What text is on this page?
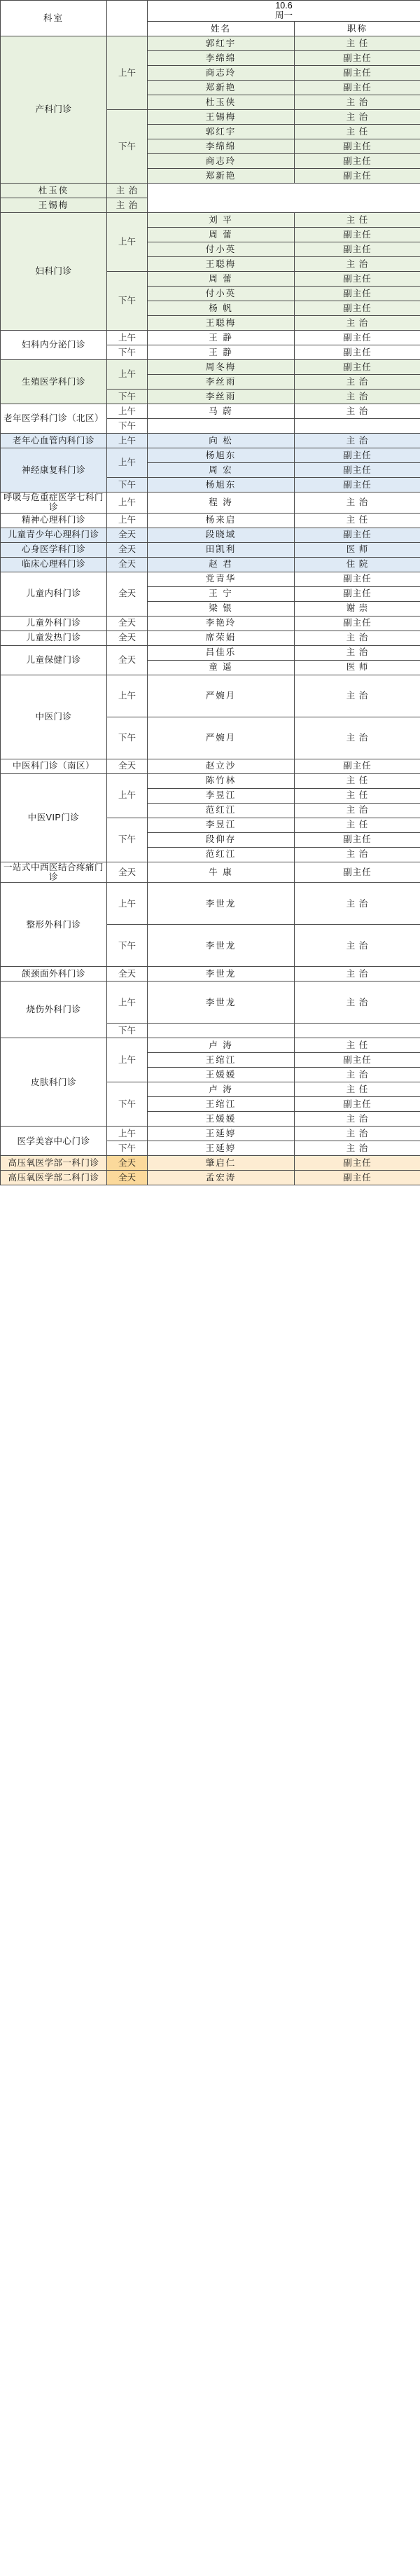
科室		10.6
周一	

		姓名	职称
产科门诊	上午	郭红宇	主 任
		李绵绵	副主任
		商志玲	副主任
		郑新艳	副主任
		杜玉侠	主 治
	下午	王锡梅	主 治
		郭红宇	主 任
		李绵绵	副主任
		商志玲	副主任
		郑新艳	副主任
杜玉侠	主 治		
王锡梅	主 治		
妇科门诊	上午	刘 平	主 任
		周 蕾	副主任
		付小英	副主任
		王聪梅	主 治
	下午	周 蕾	副主任
		付小英	副主任
		杨 帆	副主任
		王聪梅	主 治
妇科内分泌门诊	上午	王 静	副主任
	下午	王 静	副主任
生殖医学科门诊	上午	周冬梅	副主任
		李丝雨	主 治
	下午	李丝雨	主 治
老年医学科门诊（北区）	上午	马 蔚	主 治
	下午		
老年心血管内科门诊	上午	向 松	主 治
神经康复科门诊	上午	杨旭东	副主任
		周 宏	副主任
	下午	杨旭东	副主任
呼吸与危重症医学七科门诊	上午	程 涛	主 治
精神心理科门诊	上午	杨来启	主 任
儿童青少年心理科门诊	全天	段晓域	副主任
心身医学科门诊	全天	田凯利	医 师
临床心理科门诊	全天	赵 君	住 院
儿童内科门诊	全天	党青华	副主任
		王 宁	副主任
		梁 银	谢 崇
儿童外科门诊	全天	李艳玲	副主任
儿童发热门诊	全天	席荣娟	主 治
儿童保健门诊	全天	吕佳乐	主 治
		童 遥	医 师
中医门诊	上午	严婉月	主 治
	下午	严婉月	主 治
中医科门诊（南区）	全天	赵立沙	副主任
中医VIP门诊	上午	陈竹林	主 任
		李昱江	主 任
		范红江	主 治
	下午	李昱江	主 任
		段仰存	副主任
		范红江	主 治
一站式中西医结合疼痛门诊	全天	牛 康	副主任
整形外科门诊	上午	李世龙	主 治
	下午	李世龙	主 治
颌颈面外科门诊	全天	李世龙	主 治
烧伤外科门诊	上午	李世龙	主 治
	下午		
皮肤科门诊	上午	卢 涛	主 任
		王绾江	副主任
		王媛媛	主 治
	下午	卢 涛	主 任
		王绾江	副主任
		王媛媛	主 治
医学美容中心门诊	上午	王延婷	主 治
	下午	王延婷	主 治
高压氧医学部一科门诊	全天	肇启仁	副主任
高压氧医学部二科门诊	全天	孟宏涛	副主任
